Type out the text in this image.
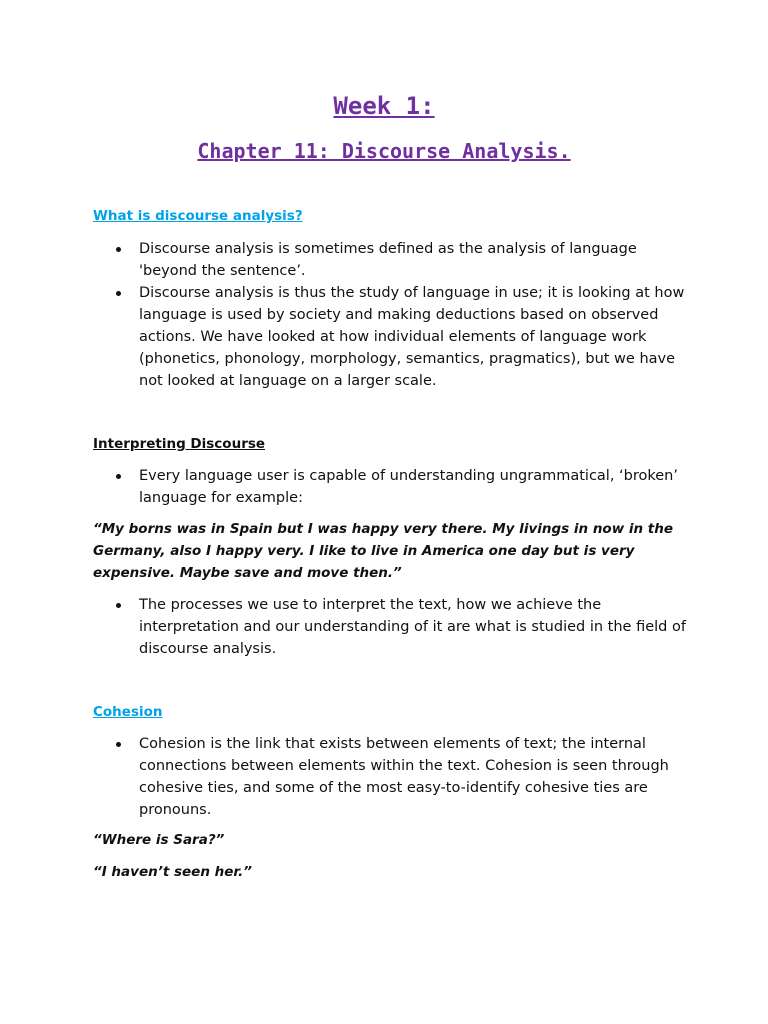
Week 1:
Chapter 11: Discourse Analysis.
What is discourse analysis?
Discourse analysis is sometimes defined as the analysis of language 'beyond the sentence’.
Discourse analysis is thus the study of language in use; it is looking at how language is used by society and making deductions based on observed actions. We have looked at how individual elements of language work (phonetics, phonology, morphology, semantics, pragmatics), but we have not looked at language on a larger scale.
Interpreting Discourse
Every language user is capable of understanding ungrammatical, ‘broken’ language for example:

“My borns was in Spain but I was happy very there. My livings in now in the Germany, also I happy very. I like to live in America one day but is very expensive. Maybe save and move then.”

The processes we use to interpret the text, how we achieve the interpretation and our understanding of it are what is studied in the field of discourse analysis.
Cohesion
Cohesion is the link that exists between elements of text; the internal connections between elements within the text. Cohesion is seen through cohesive ties, and some of the most easy-to-identify cohesive ties are pronouns.

“Where is Sara?”

“I haven’t seen her.”
